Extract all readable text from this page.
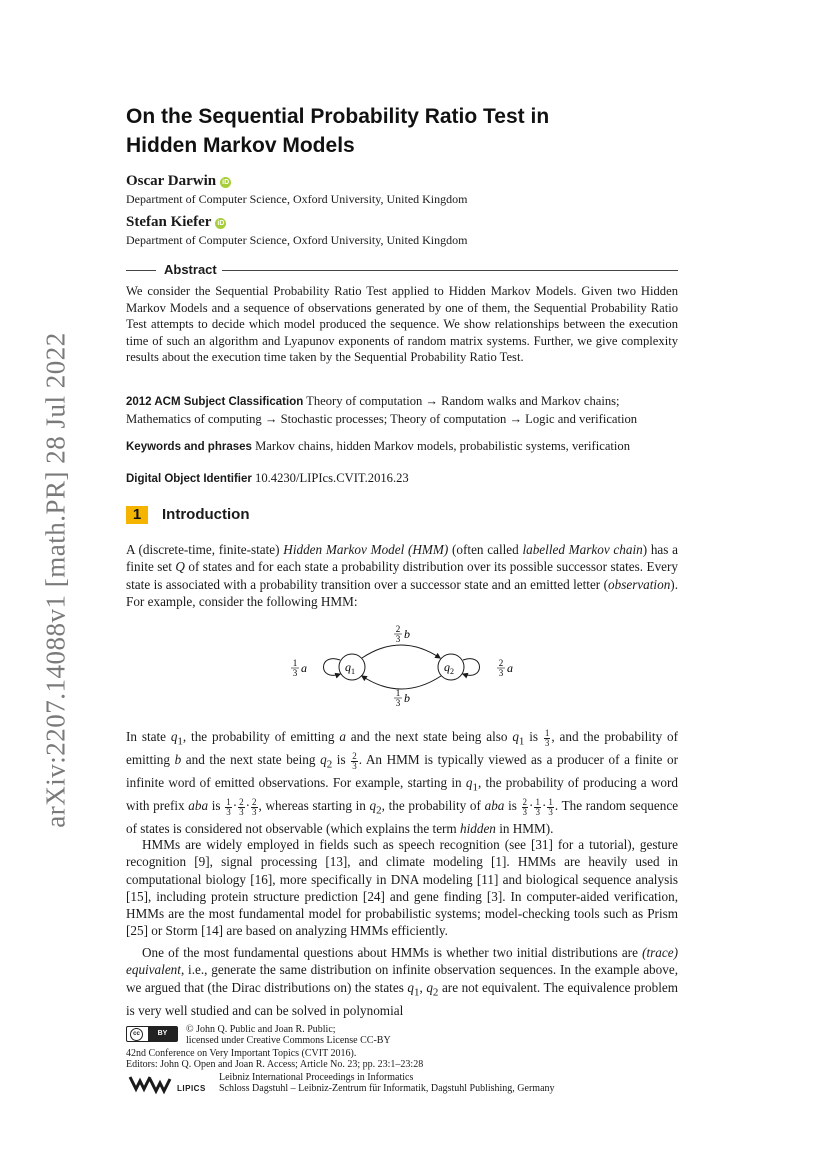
arXiv:2207.14088v1 [math.PR] 28 Jul 2022
On the Sequential Probability Ratio Test in
Hidden Markov Models
Oscar Darwin iD
Department of Computer Science, Oxford University, United Kingdom
Stefan Kiefer iD
Department of Computer Science, Oxford University, United Kingdom
Abstract
We consider the Sequential Probability Ratio Test applied to Hidden Markov Models. Given two Hidden Markov Models and a sequence of observations generated by one of them, the Sequential Probability Ratio Test attempts to decide which model produced the sequence. We show relationships between the execution time of such an algorithm and Lyapunov exponents of random matrix systems. Further, we give complexity results about the execution time taken by the Sequential Probability Ratio Test.
2012 ACM Subject Classification Theory of computation → Random walks and Markov chains; Mathematics of computing → Stochastic processes; Theory of computation → Logic and verification
Keywords and phrases Markov chains, hidden Markov models, probabilistic systems, verification
Digital Object Identifier 10.4230/LIPIcs.CVIT.2016.23
1 Introduction

A (discrete-time, finite-state) Hidden Markov Model (HMM) (often called labelled Markov chain) has a finite set Q of states and for each state a probability distribution over its possible successor states. Every state is associated with a probability transition over a successor state and an emitted letter (observation). For example, consider the following HMM:

$q_1$	$q_2$
2
3 b
1
3 b
1
3 a	2
3 a

In state $q_1$, the probability of emitting a and the next state being also $q_1$ is $\frac{1}{3}$ , and the probability of emitting b and the next state being $q_2$ is $\frac{2}{3}$ . An HMM is typically viewed as a producer of a finite or infinite word of emitted observations. For example, starting in $q_1$, the probability of producing a word with prefix aba is $\frac{1}{3} \cdot \frac{2}{3} \cdot \frac{2}{3}$ , whereas starting in $q_2$, the probability of aba is $\frac{2}{3} \cdot \frac{1}{3} \cdot \frac{1}{3}$ . The random sequence of states is considered not observable (which explains the term hidden in HMM).

HMMs are widely employed in fields such as speech recognition (see [31] for a tutorial), gesture recognition [9], signal processing [13], and climate modeling [1]. HMMs are heavily used in computational biology [16], more specifically in DNA modeling [11] and biological sequence analysis [15], including protein structure prediction [24] and gene finding [3]. In computer-aided verification, HMMs are the most fundamental model for probabilistic systems; model-checking tools such as Prism [25] or Storm [14] are based on analyzing HMMs efficiently.

One of the most fundamental questions about HMMs is whether two initial distributions are (trace) equivalent, i.e., generate the same distribution on infinite observation sequences. In the example above, we argued that (the Dirac distributions on) the states $q_1$, $q_2$ are not equivalent. The equivalence problem is very well studied and can be solved in polynomial

cc	BY	© John Q. Public and Joan R. Public;
licensed under Creative Commons License CC-BY
42nd Conference on Very Important Topics (CVIT 2016).
Editors: John Q. Open and Joan R. Access; Article No. 23; pp. 23:1–23:28
Leibniz International Proceedings in Informatics
LIPICS Schloss Dagstuhl – Leibniz-Zentrum für Informatik, Dagstuhl Publishing, Germany
